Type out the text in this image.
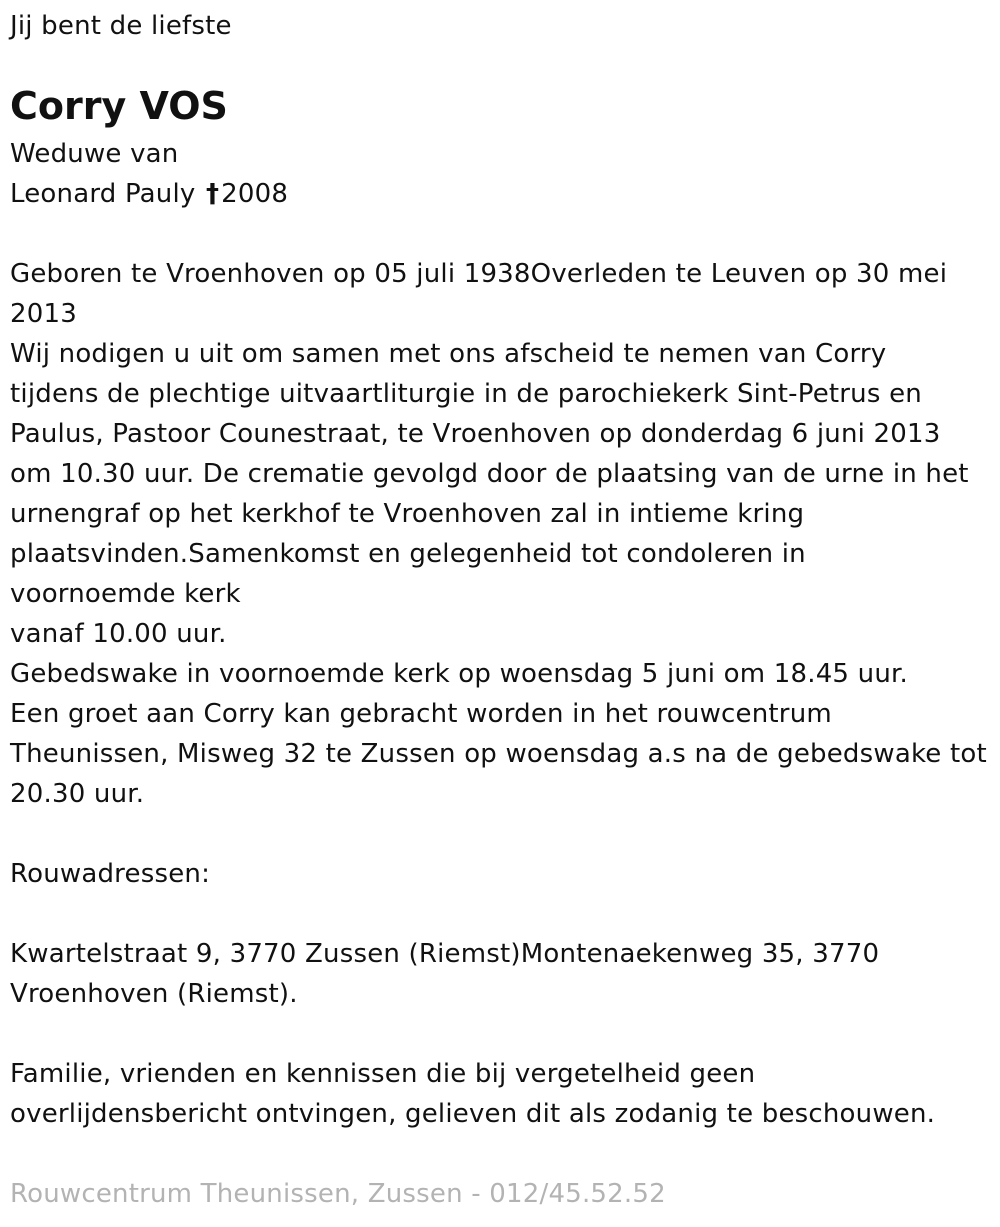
Jij bent de liefste
Corry VOS
Weduwe van
Leonard Pauly †2008
Geboren te Vroenhoven op 05 juli 1938Overleden te Leuven op 30 mei
2013
Wij nodigen u uit om samen met ons afscheid te nemen van Corry
tijdens de plechtige uitvaartliturgie in de parochiekerk Sint-Petrus en
Paulus, Pastoor Counestraat, te Vroenhoven op donderdag 6 juni 2013
om 10.30 uur. De crematie gevolgd door de plaatsing van de urne in het
urnengraf op het kerkhof te Vroenhoven zal in intieme kring
plaatsvinden.Samenkomst en gelegenheid tot condoleren in
voornoemde kerk
vanaf 10.00 uur.
Gebedswake in voornoemde kerk op woensdag 5 juni om 18.45 uur.
Een groet aan Corry kan gebracht worden in het rouwcentrum
Theunissen, Misweg 32 te Zussen op woensdag a.s na de gebedswake tot
20.30 uur.
Rouwadressen:
Kwartelstraat 9, 3770 Zussen (Riemst)Montenaekenweg 35, 3770
Vroenhoven (Riemst).
Familie, vrienden en kennissen die bij vergetelheid geen
overlijdensbericht ontvingen, gelieven dit als zodanig te beschouwen.
Rouwcentrum Theunissen, Zussen - 012/45.52.52
